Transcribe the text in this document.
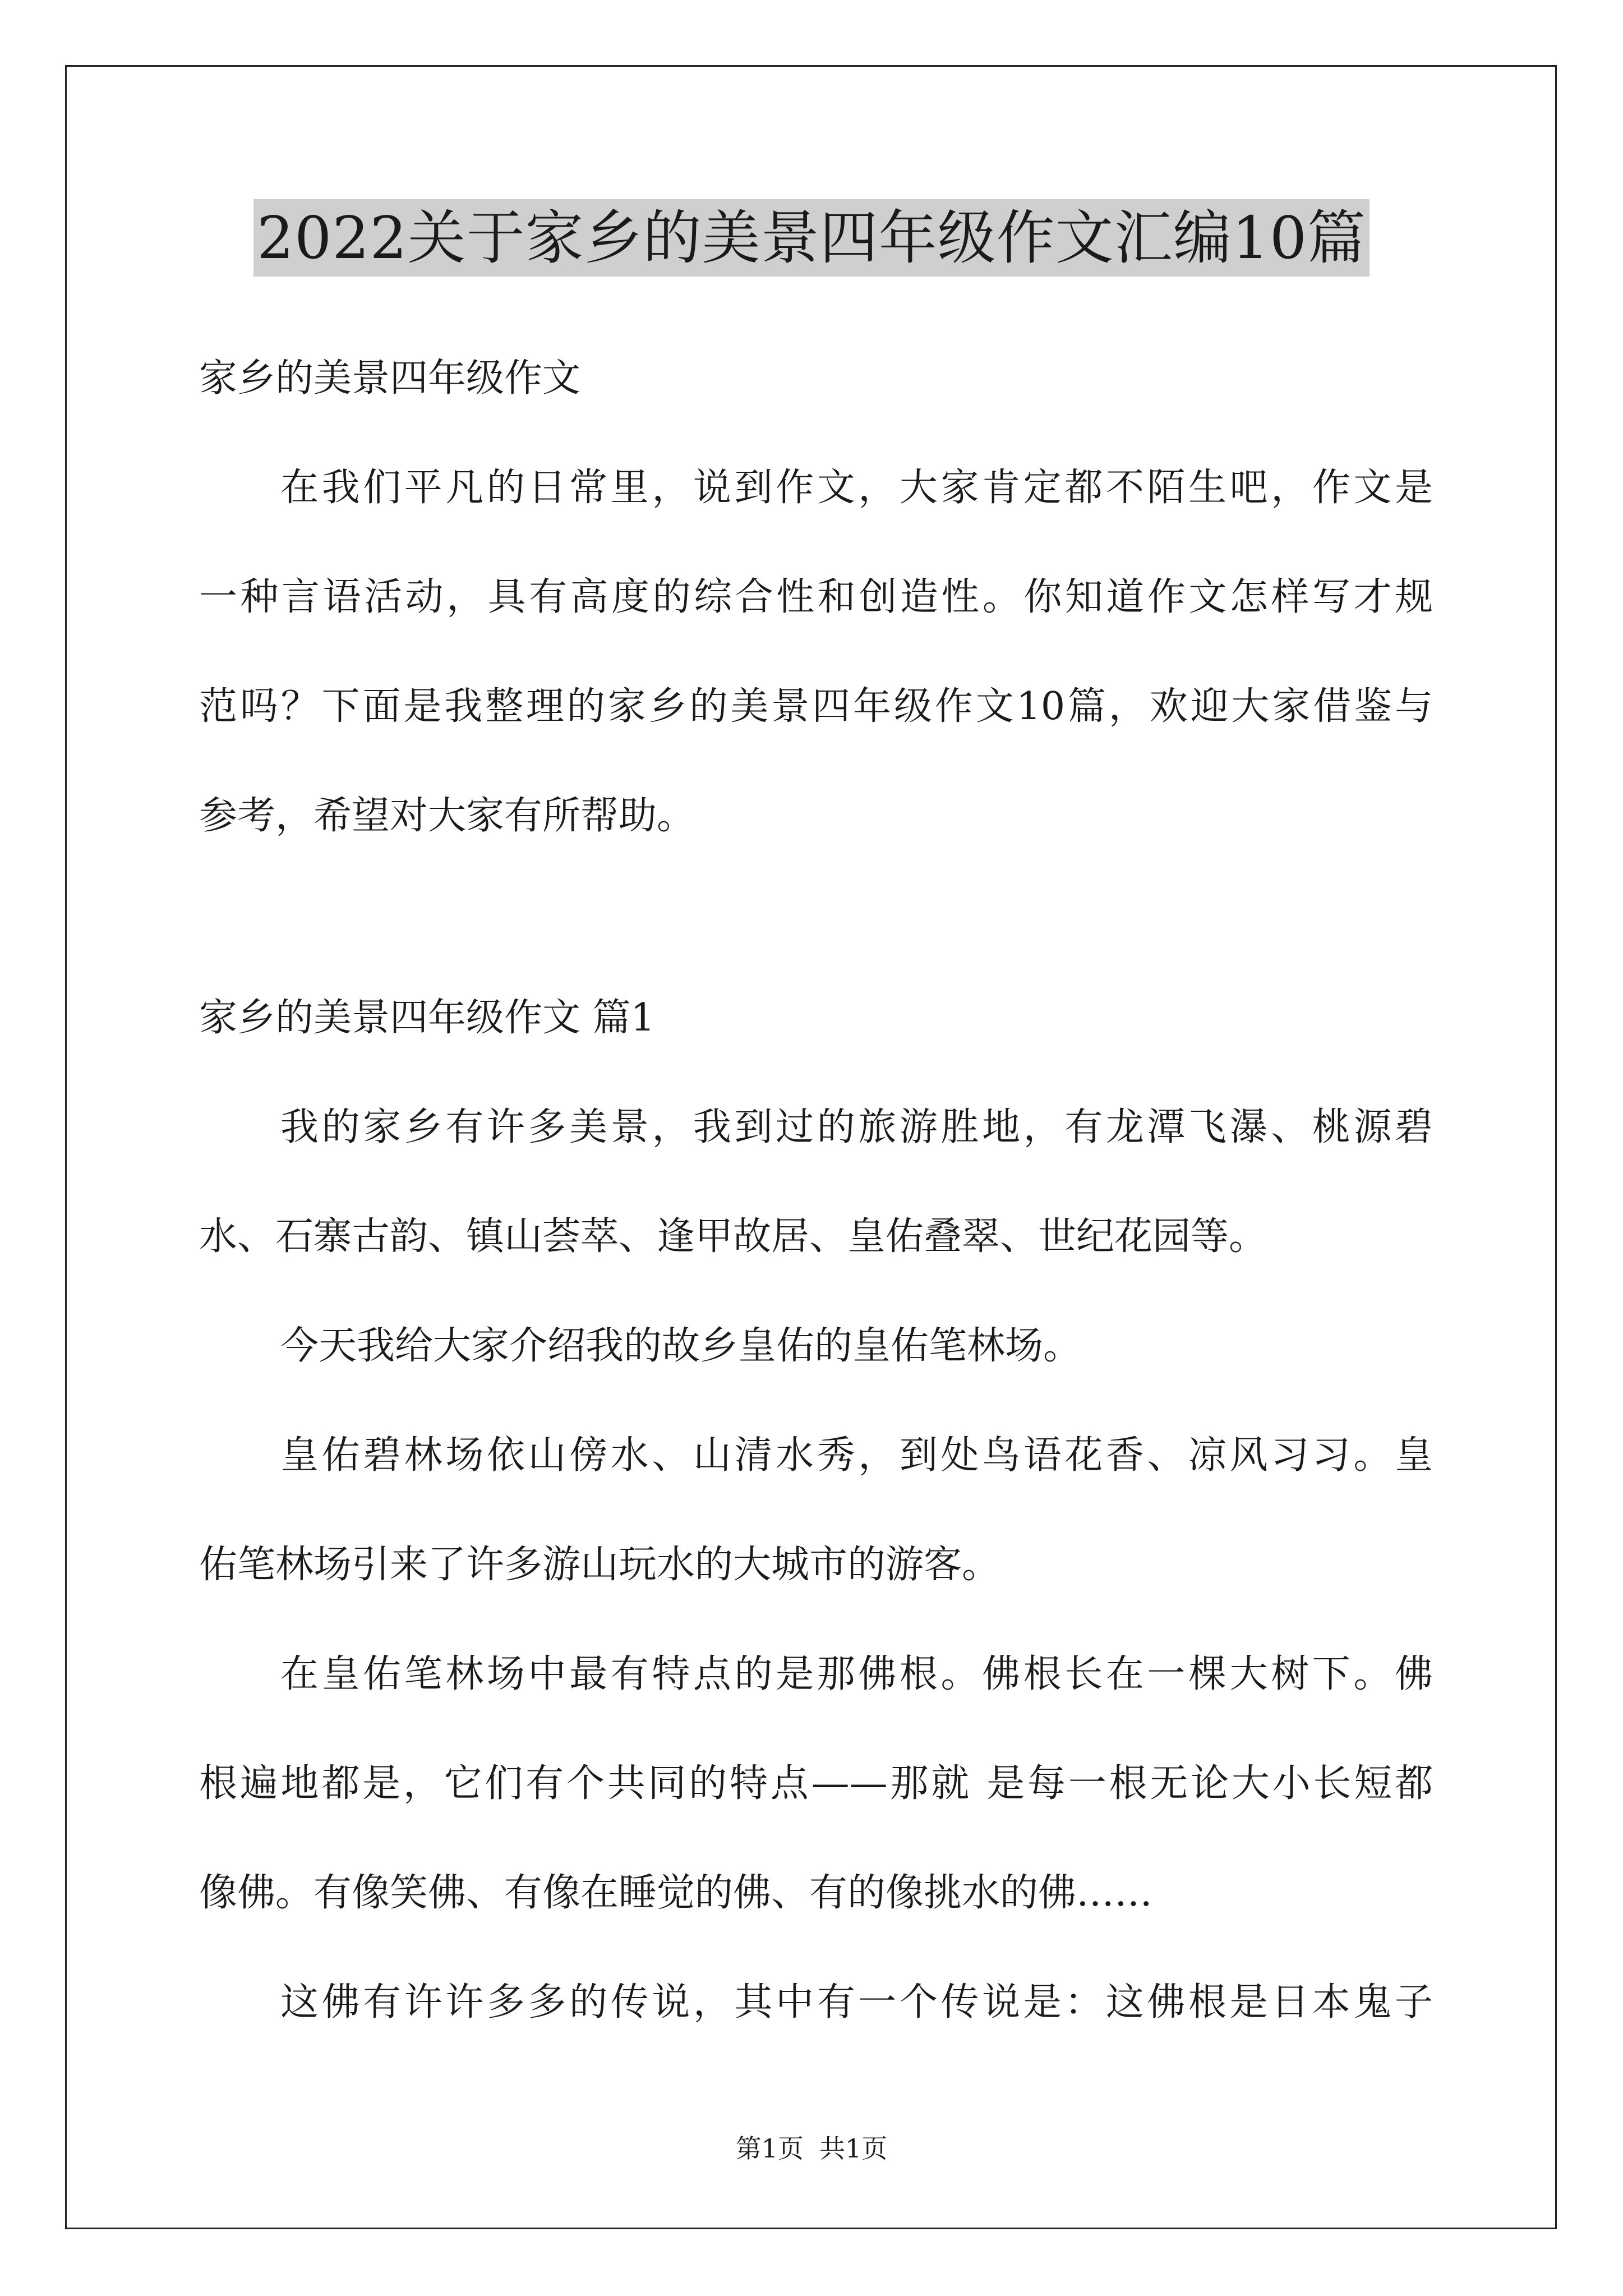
2022关于家乡的美景四年级作文汇编10篇
家乡的美景四年级作文
在我们平凡的日常里，说到作文，大家肯定都不陌生吧，作文是
一种言语活动，具有高度的综合性和创造性。你知道作文怎样写才规
范吗？下面是我整理的家乡的美景四年级作文10篇，欢迎大家借鉴与
参考，希望对大家有所帮助。
家乡的美景四年级作文 篇1
我的家乡有许多美景，我到过的旅游胜地，有龙潭飞瀑、桃源碧
水、石寨古韵、镇山荟萃、逢甲故居、皇佑叠翠、世纪花园等。
今天我给大家介绍我的故乡皇佑的皇佑笔林场。
皇佑碧林场依山傍水、山清水秀，到处鸟语花香、凉风习习。皇
佑笔林场引来了许多游山玩水的大城市的游客。
在皇佑笔林场中最有特点的是那佛根。佛根长在一棵大树下。佛
根遍地都是，它们有个共同的特点——那就 是每一根无论大小长短都
像佛。有像笑佛、有像在睡觉的佛、有的像挑水的佛……
这佛有许许多多的传说，其中有一个传说是：这佛根是日本鬼子
第1页 共1页
